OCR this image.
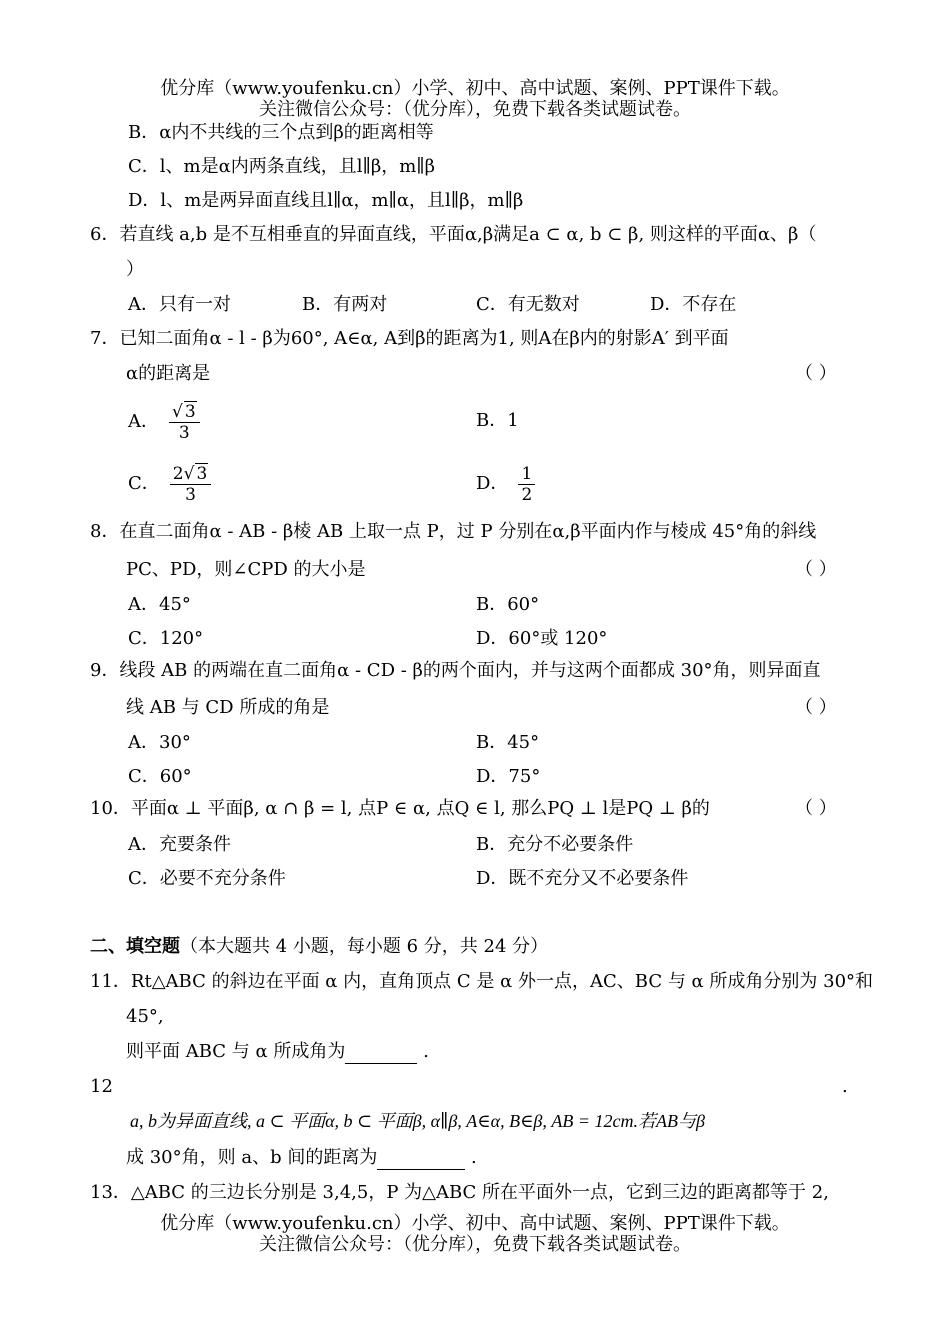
优分库（www.youfenku.cn）小学、初中、高中试题、案例、PPT课件下载。
关注微信公众号：（优分库），免费下载各类试题试卷。
B．α内不共线的三个点到β的距离相等
C．l、m是α内两条直线，且l∥β，m∥β
D．l、m是两异面直线且l∥α，m∥α，且l∥β，m∥β
6．若直线 a,b 是不互相垂直的异面直线，平面α,β满足a ⊂ α, b ⊂ β, 则这样的平面α、β（
）
A．只有一对	B．有两对	C．有无数对	D．不存在
7．已知二面角α - l - β为60°, A∈α, A到β的距离为1, 则A在β内的射影A′ 到平面
α的距离是	（ ）
A． $\frac{√ 3}{3}$	B．1
C． $\frac{2√ 3}{3}$	D． $\frac{1}{2}$
8．在直二面角α - AB - β棱 AB 上取一点 P，过 P 分别在α,β平面内作与棱成 45°角的斜线
PC、PD，则∠CPD 的大小是	（ ）
A．45°	B．60°
C．120°	D．60°或 120°
9．线段 AB 的两端在直二面角α - CD - β的两个面内，并与这两个面都成 30°角，则异面直
线 AB 与 CD 所成的角是	（ ）
A．30°	B．45°
C．60°	D．75°
10．平面α ⊥ 平面β, α ∩ β = l, 点P ∈ α, 点Q ∈ l, 那么PQ ⊥ l是PQ ⊥ β的	（ ）
A．充要条件	B．充分不必要条件
C．必要不充分条件	D．既不充分又不必要条件
二、填空题（本大题共 4 小题，每小题 6 分，共 24 分）
11．Rt△ABC 的斜边在平面 α 内，直角顶点 C 是 α 外一点，AC、BC 与 α 所成角分别为 30°和
45°,
则平面 ABC 与 α 所成角为	.
12	.
a, b为异面直线, a ⊂ 平面α, b ⊂ 平面β, α∥β, A∈α, B∈β, AB = 12cm.若AB与β
成 30°角，则 a、b 间的距离为	.
13．△ABC 的三边长分别是 3,4,5，P 为△ABC 所在平面外一点，它到三边的距离都等于 2,
优分库（www.youfenku.cn）小学、初中、高中试题、案例、PPT课件下载。
关注微信公众号：（优分库），免费下载各类试题试卷。
